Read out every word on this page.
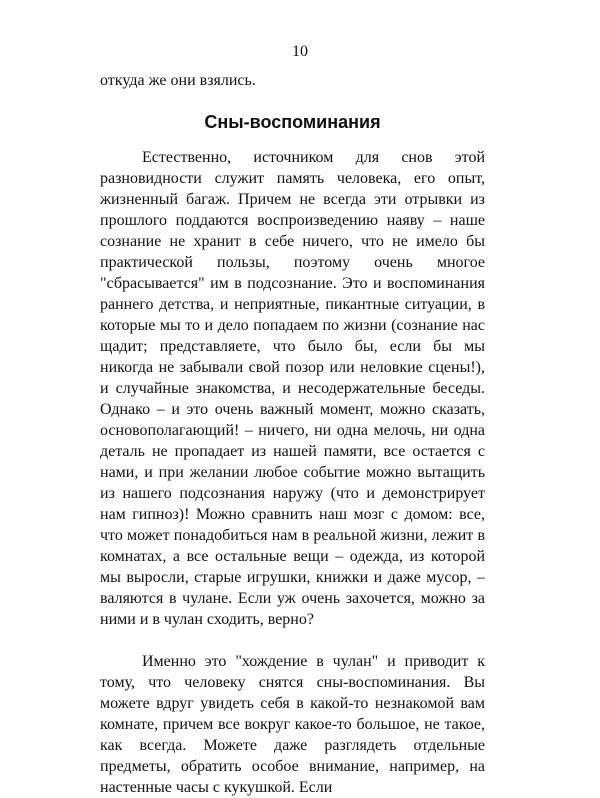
10

откуда же они взялись.

Сны-воспоминания

Естественно, источником для снов этой разновидности служит память человека, его опыт, жизненный багаж. Причем не всегда эти отрывки из прошлого поддаются воспроизведению наяву – наше сознание не хранит в себе ничего, что не имело бы практической пользы, поэтому очень многое "сбрасывается" им в подсознание. Это и воспоминания раннего детства, и неприятные, пикантные ситуации, в которые мы то и дело попадаем по жизни (сознание нас щадит; представляете, что было бы, если бы мы никогда не забывали свой позор или неловкие сцены!), и случайные знакомства, и несодержательные беседы. Однако – и это очень важный момент, можно сказать, основополагающий! – ничего, ни одна мелочь, ни одна деталь не пропадает из нашей памяти, все остается с нами, и при желании любое событие можно вытащить из нашего подсознания наружу (что и демонстрирует нам гипноз)! Можно сравнить наш мозг с домом: все, что может понадобиться нам в реальной жизни, лежит в комнатах, а все остальные вещи – одежда, из которой мы выросли, старые игрушки, книжки и даже мусор, – валяются в чулане. Если уж очень захочется, можно за ними и в чулан сходить, верно?

Именно это "хождение в чулан" и приводит к тому, что человеку снятся сны-воспоминания. Вы можете вдруг увидеть себя в какой-то незнакомой вам комнате, причем все вокруг какое-то большое, не такое, как всегда. Можете даже разглядеть отдельные предметы, обратить особое внимание, например, на настенные часы с кукушкой. Если
